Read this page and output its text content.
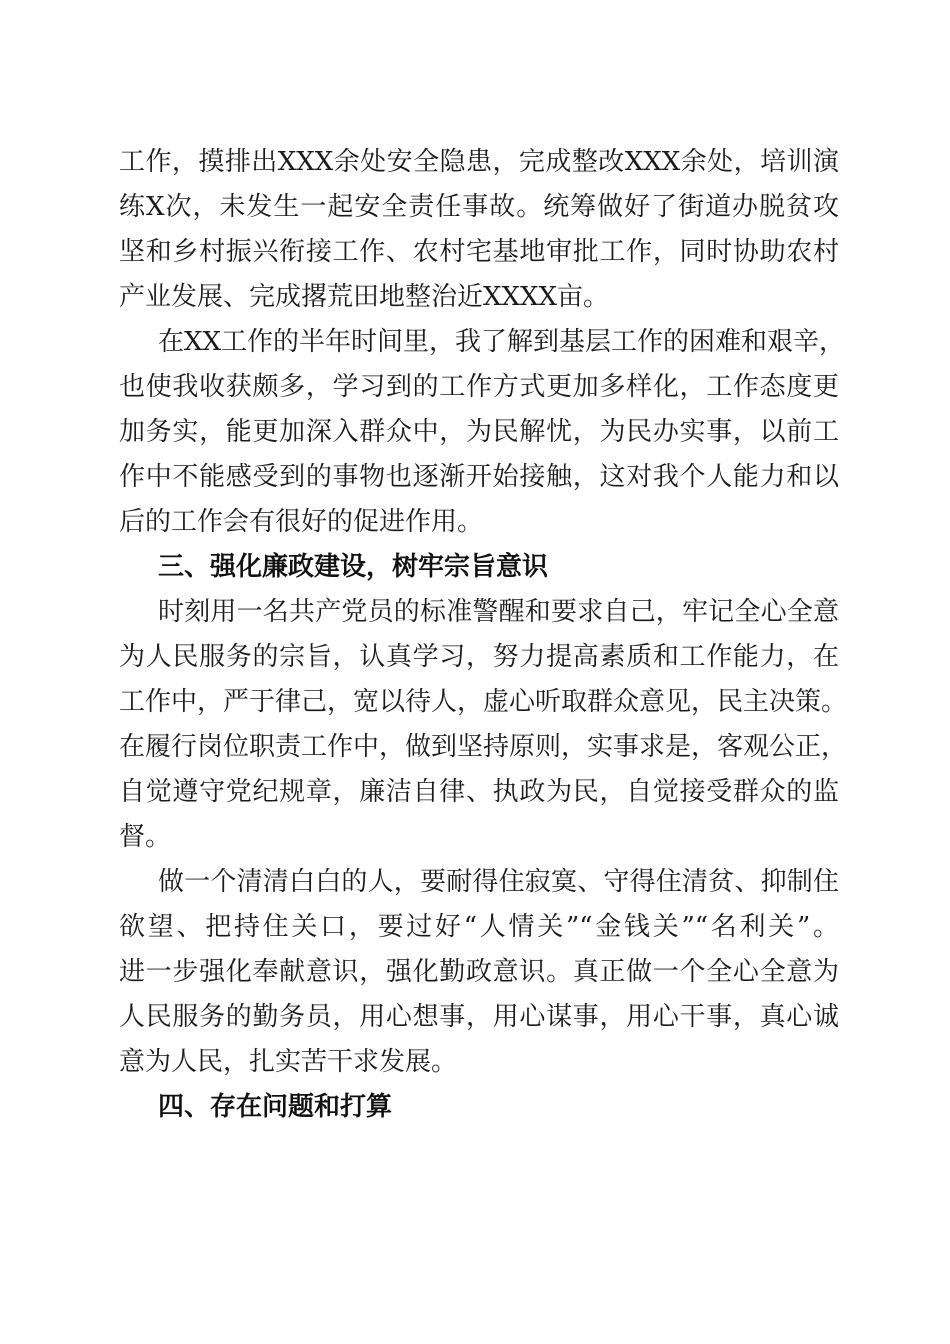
工作，摸排出XXX余处安全隐患，完成整改XXX余处，培训演
练X次，未发生一起安全责任事故。统筹做好了街道办脱贫攻
坚和乡村振兴衔接工作、农村宅基地审批工作，同时协助农村
产业发展、完成撂荒田地整治近XXXX亩。
在XX工作的半年时间里，我了解到基层工作的困难和艰辛，
也使我收获颇多，学习到的工作方式更加多样化，工作态度更
加务实，能更加深入群众中，为民解忧，为民办实事，以前工
作中不能感受到的事物也逐渐开始接触，这对我个人能力和以
后的工作会有很好的促进作用。
三、强化廉政建设，树牢宗旨意识
时刻用一名共产党员的标准警醒和要求自己，牢记全心全意
为人民服务的宗旨，认真学习，努力提高素质和工作能力，在
工作中，严于律己，宽以待人，虚心听取群众意见，民主决策。
在履行岗位职责工作中，做到坚持原则，实事求是，客观公正，
自觉遵守党纪规章，廉洁自律、执政为民，自觉接受群众的监
督。
做一个清清白白的人，要耐得住寂寞、守得住清贫、抑制住
欲望、把持住关口，要过好“人情关”“金钱关”“名利关”。
进一步强化奉献意识，强化勤政意识。真正做一个全心全意为
人民服务的勤务员，用心想事，用心谋事，用心干事，真心诚
意为人民，扎实苦干求发展。
四、存在问题和打算
